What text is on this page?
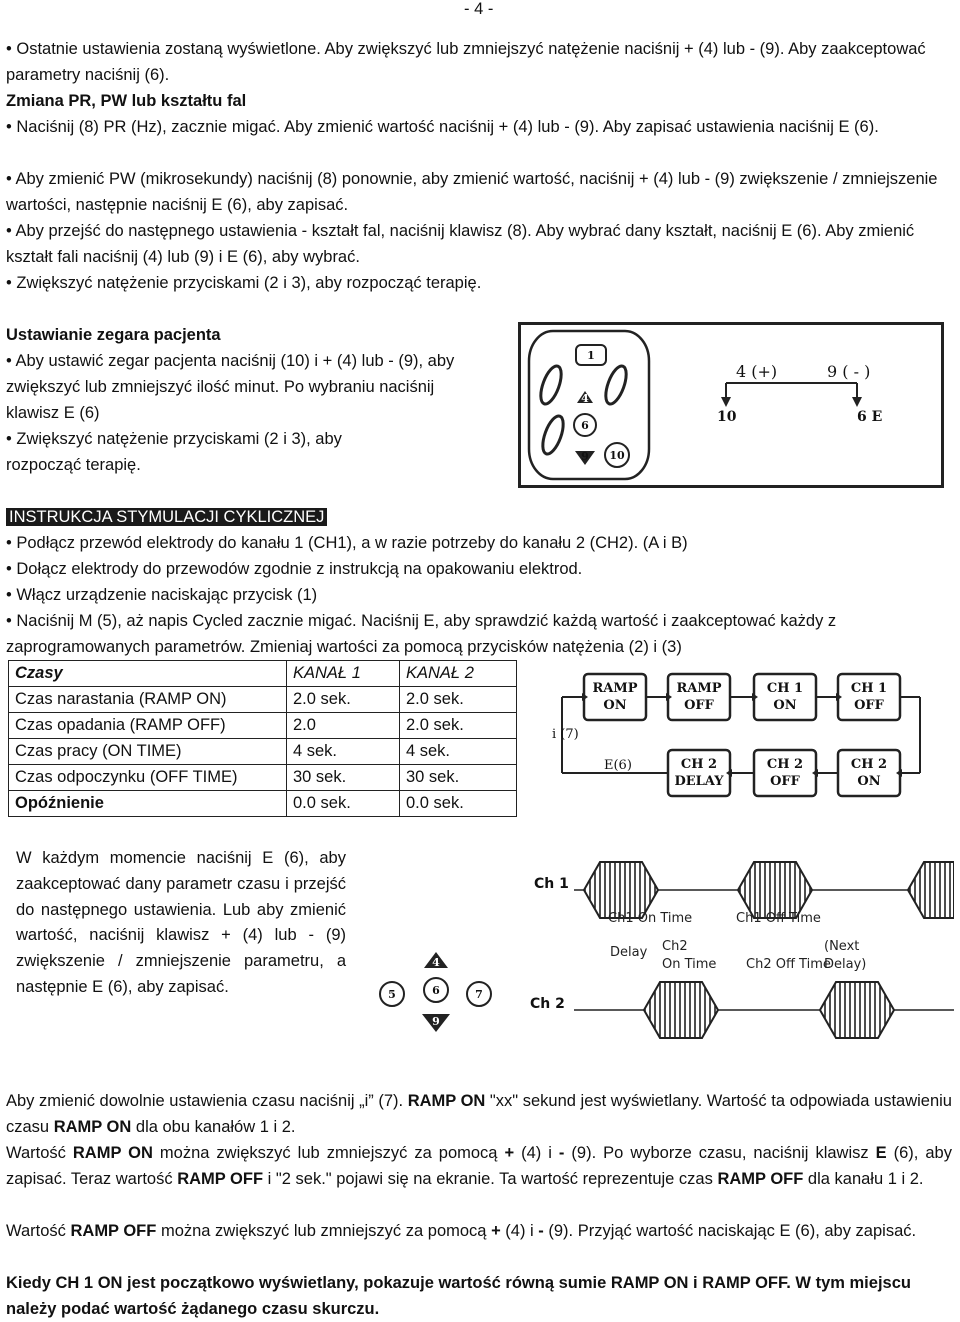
- 4 -

• Ostatnie ustawienia zostaną wyświetlone. Aby zwiększyć lub zmniejszyć natężenie naciśnij + (4) lub - (9). Aby zaakceptować parametry naciśnij (6).

Zmiana PR, PW lub kształtu fal

• Naciśnij (8) PR (Hz), zacznie migać. Aby zmienić wartość naciśnij + (4) lub - (9). Aby zapisać ustawienia naciśnij E (6).

• Aby zmienić PW (mikrosekundy) naciśnij (8) ponownie, aby zmienić wartość, naciśnij + (4) lub - (9) zwiększenie / zmniejszenie wartości, następnie naciśnij E (6), aby zapisać.

• Aby przejść do następnego ustawienia - kształt fal, naciśnij klawisz (8). Aby wybrać dany kształt, naciśnij E (6). Aby zmienić kształt fali naciśnij (4) lub (9) i E (6), aby wybrać.

• Zwiększyć natężenie przyciskami (2 i 3), aby rozpocząć terapię.

Ustawianie zegara pacjenta

• Aby ustawić zegar pacjenta naciśnij (10) i + (4) lub - (9), aby zwiększyć lub zmniejszyć ilość minut. Po wybraniu naciśnij klawisz E (6)

• Zwiększyć natężenie przyciskami (2 i 3), aby rozpocząć terapię.

1
4
6
9 10
4 (+)	9 ( - )
10	6 E

INSTRUKCJA STYMULACJI CYKLICZNEJ

• Podłącz przewód elektrody do kanału 1 (CH1), a w razie potrzeby do kanału 2 (CH2). (A i B)

• Dołącz elektrody do przewodów zgodnie z instrukcją na opakowaniu elektrod.

• Włącz urządzenie naciskając przycisk (1)

• Naciśnij M (5), aż napis Cycled zacznie migać. Naciśnij E, aby sprawdzić każdą wartość i zaakceptować każdy z zaprogramowanych parametrów. Zmieniaj wartości za pomocą przycisków natężenia (2) i (3)

Czasy	KANAŁ 1	KANAŁ 2
Czas narastania (RAMP ON)	2.0 sek.	2.0 sek.
Czas opadania (RAMP OFF)	2.0	2.0 sek.
Czas pracy (ON TIME)	4 sek.	4 sek.
Czas odpoczynku (OFF TIME)	30 sek.	30 sek.
Opóźnienie	0.0 sek.	0.0 sek.
RAMP
ON
RAMP
OFF
CH 1
ON
CH 1
OFF
CH 2
DELAY
CH 2
OFF
CH 2
ON
i (7)
E(6)

W każdym momencie naciśnij E (6), aby zaakceptować dany parametr czasu i przejść do następnego ustawienia. Lub aby zmienić wartość, naciśnij klawisz + (4) lub - (9) zwiększenie / zmniejszenie parametru, a następnie E (6), aby zapisać.

4
5	6	7
9
Ch 1
Ch 2
Ch1 On Time	Ch1 Off Time
Delay Ch2
On Time Ch2 Off Time
(Next
Delay)

Aby zmienić dowolnie ustawienia czasu naciśnij „i” (7). RAMP ON "xx" sekund jest wyświetlany. Wartość ta odpowiada ustawieniu czasu RAMP ON dla obu kanałów 1 i 2.

Wartość RAMP ON można zwiększyć lub zmniejszyć za pomocą + (4) i - (9). Po wyborze czasu, naciśnij klawisz E (6), aby zapisać. Teraz wartość RAMP OFF i "2 sek." pojawi się na ekranie. Ta wartość reprezentuje czas RAMP OFF dla kanału 1 i 2.

Wartość RAMP OFF można zwiększyć lub zmniejszyć za pomocą + (4) i - (9). Przyjąć wartość naciskając E (6), aby zapisać.

Kiedy CH 1 ON jest początkowo wyświetlany, pokazuje wartość równą sumie RAMP ON i RAMP OFF. W tym miejscu należy podać wartość żądanego czasu skurczu.
